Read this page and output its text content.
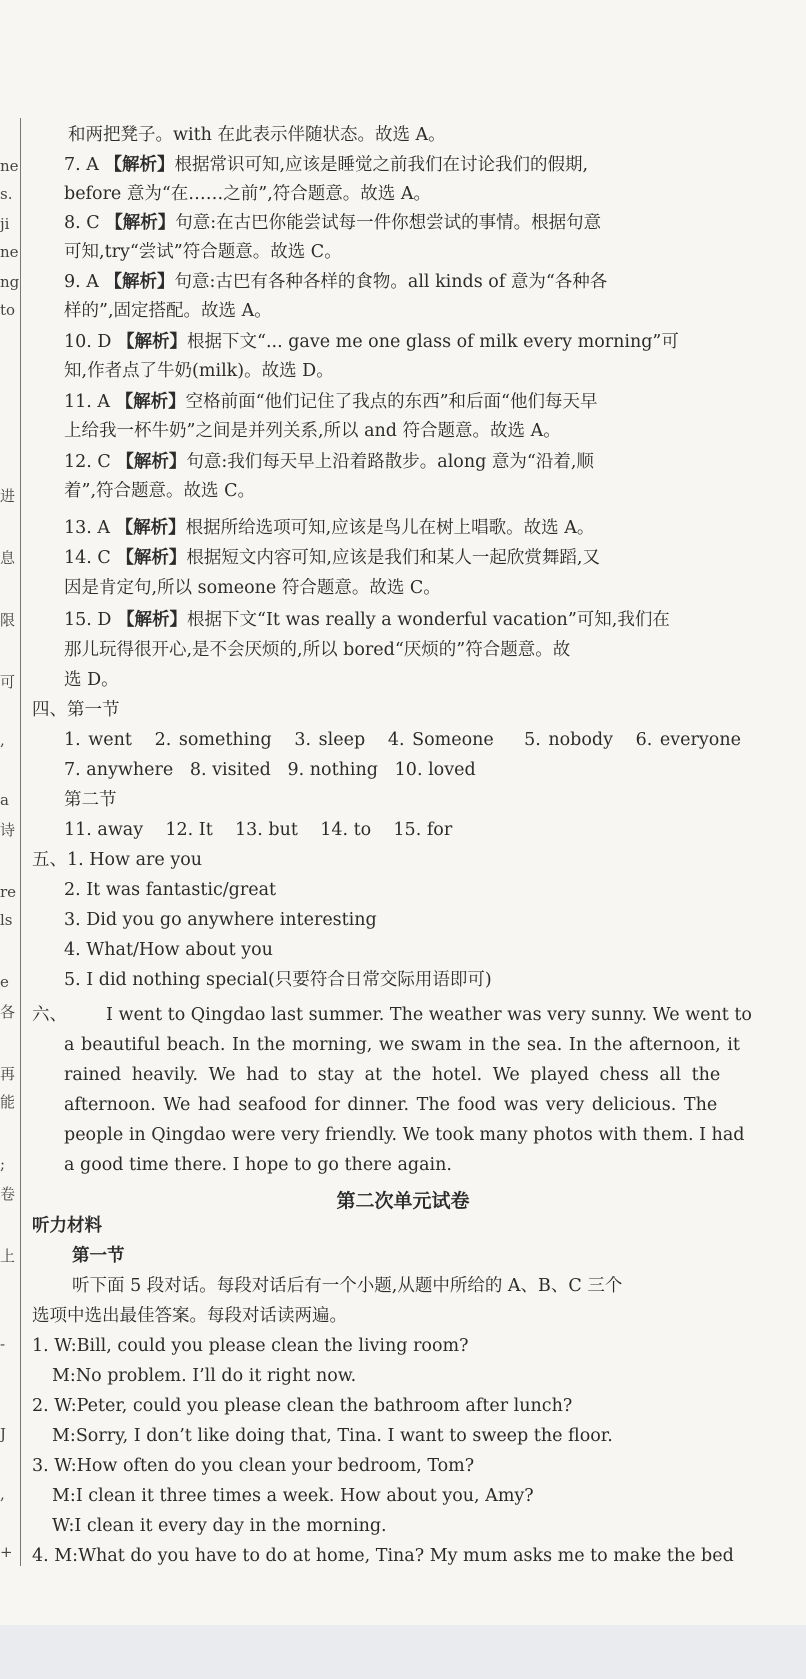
ne
s.
ji
ne
ng
to
进
息
限
可
,
a
诗
re
ls
e
各
再
能
;
卷
上
-
J
,
+
和两把凳子。with 在此表示伴随状态。故选 A。
7. A 【解析】根据常识可知,应该是睡觉之前我们在讨论我们的假期,
before 意为“在……之前”,符合题意。故选 A。
8. C 【解析】句意:在古巴你能尝试每一件你想尝试的事情。根据句意
可知,try“尝试”符合题意。故选 C。
9. A 【解析】句意:古巴有各种各样的食物。all kinds of 意为“各种各
样的”,固定搭配。故选 A。
10. D 【解析】根据下文“... gave me one glass of milk every morning”可
知,作者点了牛奶(milk)。故选 D。
11. A 【解析】空格前面“他们记住了我点的东西”和后面“他们每天早
上给我一杯牛奶”之间是并列关系,所以 and 符合题意。故选 A。
12. C 【解析】句意:我们每天早上沿着路散步。along 意为“沿着,顺
着”,符合题意。故选 C。
13. A 【解析】根据所给选项可知,应该是鸟儿在树上唱歌。故选 A。
14. C 【解析】根据短文内容可知,应该是我们和某人一起欣赏舞蹈,又
因是肯定句,所以 someone 符合题意。故选 C。
15. D 【解析】根据下文“It was really a wonderful vacation”可知,我们在
那儿玩得很开心,是不会厌烦的,所以 bored“厌烦的”符合题意。故
选 D。
四、第一节
1. went 2. something 3. sleep 4. Someone 5. nobody 6. everyone
7. anywhere 8. visited 9. nothing 10. loved
第二节
11. away 12. It 13. but 14. to 15. for
五、1. How are you
2. It was fantastic/great
3. Did you go anywhere interesting
4. What/How about you
5. I did nothing special(只要符合日常交际用语即可)
六、 I went to Qingdao last summer. The weather was very sunny. We went to
a beautiful beach. In the morning, we swam in the sea. In the afternoon, it
rained heavily. We had to stay at the hotel. We played chess all the
afternoon. We had seafood for dinner. The food was very delicious. The
people in Qingdao were very friendly. We took many photos with them. I had
a good time there. I hope to go there again.
第二次单元试卷
听力材料
第一节
听下面 5 段对话。每段对话后有一个小题,从题中所给的 A、B、C 三个
选项中选出最佳答案。每段对话读两遍。
1. W:Bill, could you please clean the living room?
M:No problem. I’ll do it right now.
2. W:Peter, could you please clean the bathroom after lunch?
M:Sorry, I don’t like doing that, Tina. I want to sweep the floor.
3. W:How often do you clean your bedroom, Tom?
M:I clean it three times a week. How about you, Amy?
W:I clean it every day in the morning.
4. M:What do you have to do at home, Tina? My mum asks me to make the bed
